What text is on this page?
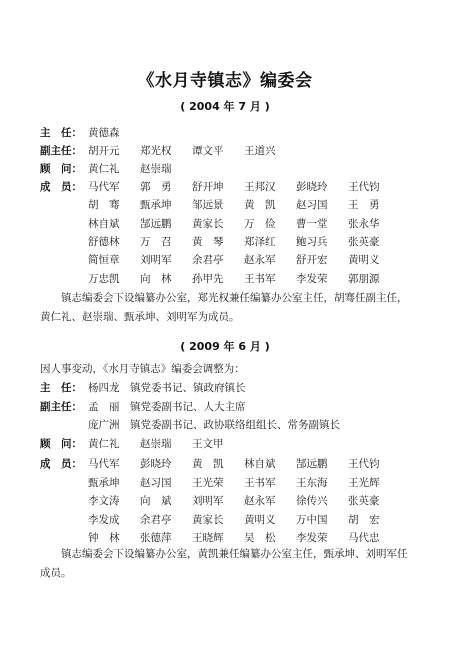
《水月寺镇志》编委会
( 2004 年 7 月 )
主　任： 黄德森
副主任： 胡开元 郑光权 谭文平 王道兴
顾　问： 黄仁礼 赵崇瑞
成　员： 马代军 郭　勇 舒开坤 王邦汉 彭晓玲 王代钧
胡　骞 甄承坤 邹远景 黄　凯 赵习国 王　勇
林自斌 郜远鹏 黄家长 万　俭 曹一堂 张永华
舒德林 万　召 黄　琴 郑泽红 鲍习兵 张英豪
简恒章 刘明军 余君亭 赵永军 舒开宏 黄明义
万忠凯 向　林 孙甲先 王书军 李发荣 郭朋源
镇志编委会下设编纂办公室，郑光权兼任编纂办公室主任，胡骞任副主任，黄仁礼、赵崇瑞、甄承坤、刘明军为成员。
( 2009 年 6 月 )
因人事变动，《水月寺镇志》编委会调整为：
主　任： 杨四龙　镇党委书记、镇政府镇长
副主任： 孟　丽　镇党委副书记、人大主席
庞广洲　镇党委副书记、政协联络组组长、常务副镇长
顾　问： 黄仁礼 赵崇瑞 王文甲
成　员： 马代军 彭晓玲 黄　凯 林自斌 郜远鹏 王代钧
甄承坤 赵习国 王光荣 王书军 王东海 王光辉
李文涛 向　斌 刘明军 赵永军 徐传兴 张英豪
李发成 余君亭 黄家长 黄明义 万中国 胡　宏
钟　林 张德萍 王晓辉 吴　松 李发荣 马代忠
镇志编委会下设编纂办公室，黄凯兼任编纂办公室主任，甄承坤、刘明军任成员。
